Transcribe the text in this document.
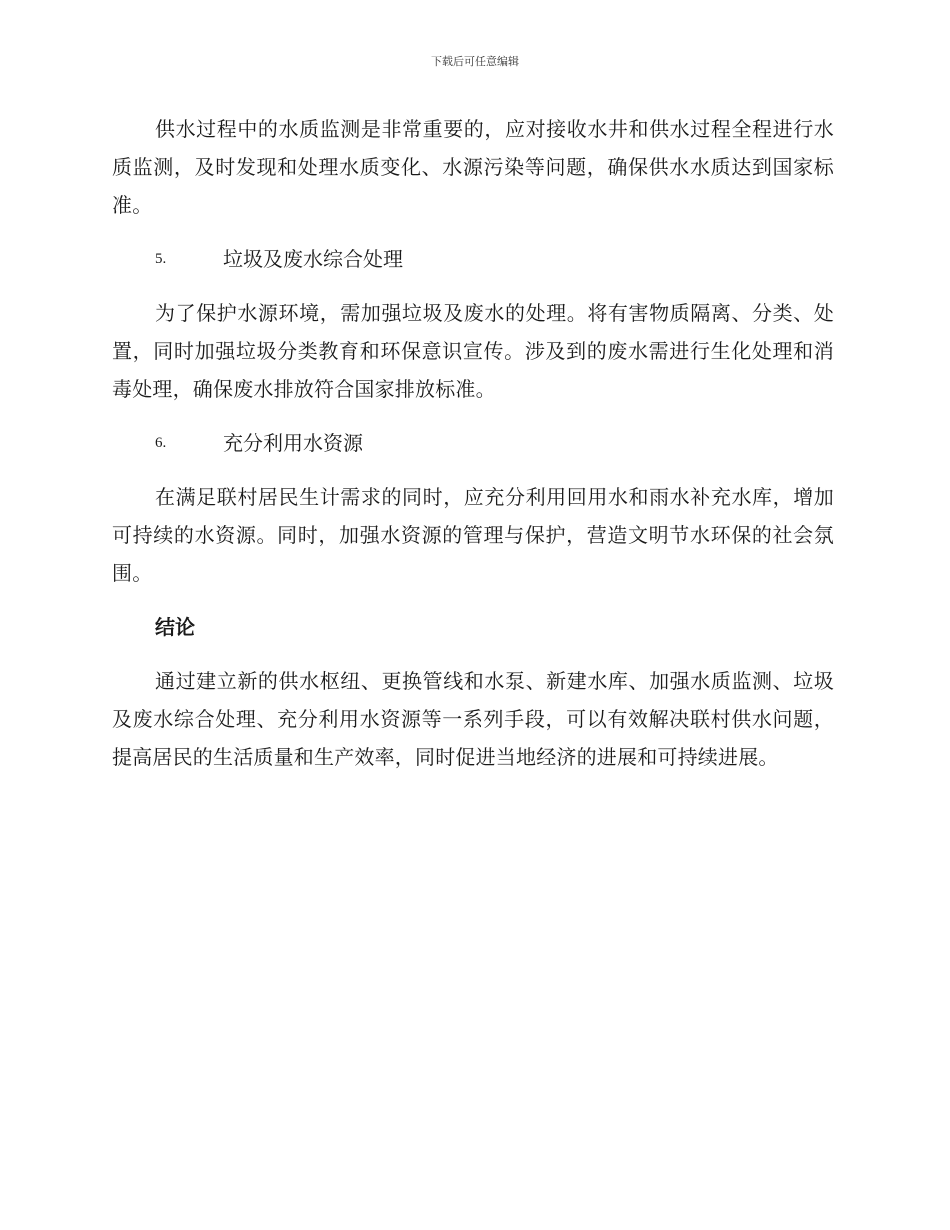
下载后可任意编辑

供水过程中的水质监测是非常重要的，应对接收水井和供水过程全程进行水质监测，及时发现和处理水质变化、水源污染等问题，确保供水水质达到国家标准。

5.	垃圾及废水综合处理

为了保护水源环境，需加强垃圾及废水的处理。将有害物质隔离、分类、处置，同时加强垃圾分类教育和环保意识宣传。涉及到的废水需进行生化处理和消毒处理，确保废水排放符合国家排放标准。

6.	充分利用水资源

在满足联村居民生计需求的同时，应充分利用回用水和雨水补充水库，增加可持续的水资源。同时，加强水资源的管理与保护，营造文明节水环保的社会氛围。

结论

通过建立新的供水枢纽、更换管线和水泵、新建水库、加强水质监测、垃圾及废水综合处理、充分利用水资源等一系列手段，可以有效解决联村供水问题，提高居民的生活质量和生产效率，同时促进当地经济的进展和可持续进展。
